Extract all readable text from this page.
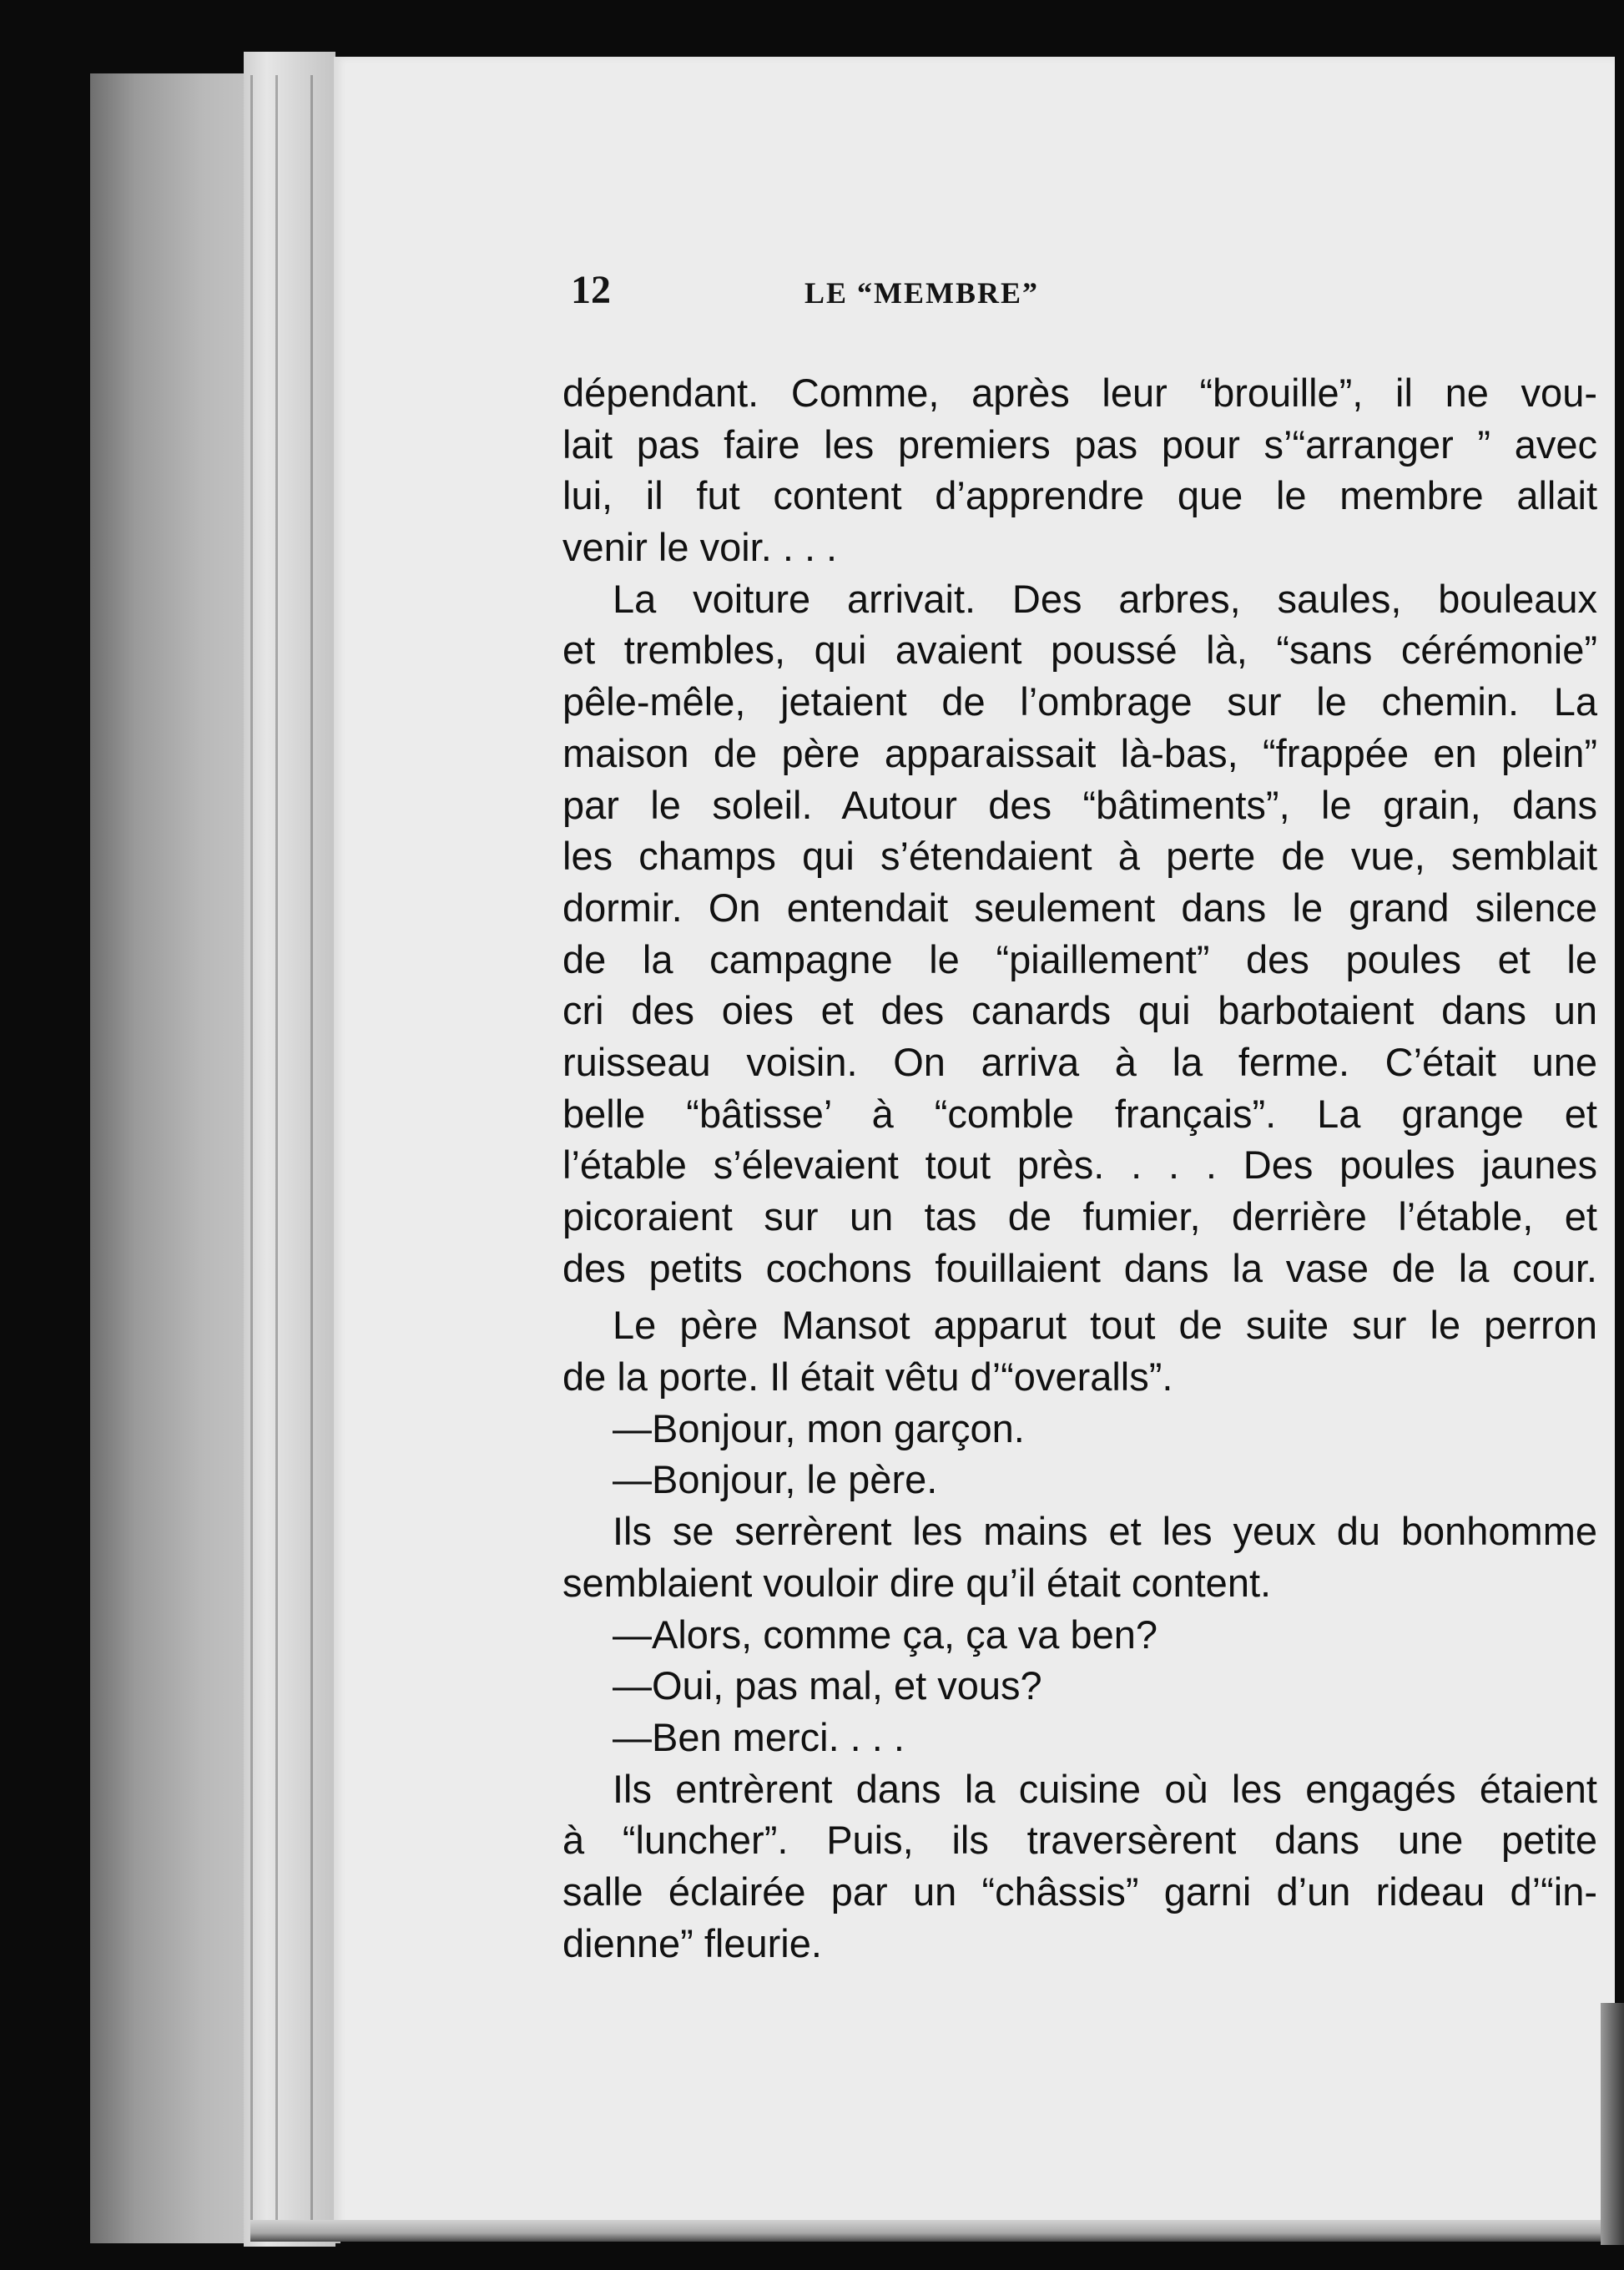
12	LE “MEMBRE”
dépendant. Comme, après leur “brouille”, il ne vou-
lait pas faire les premiers pas pour s’“arranger ” avec
lui, il fut content d’apprendre que le membre allait
venir le voir. . . .
La voiture arrivait. Des arbres, saules, bouleaux
et trembles, qui avaient poussé là, “sans cérémonie”
pêle-mêle, jetaient de l’ombrage sur le chemin. La
maison de père apparaissait là-bas, “frappée en plein”
par le soleil. Autour des “bâtiments”, le grain, dans
les champs qui s’étendaient à perte de vue, semblait
dormir. On entendait seulement dans le grand silence
de la campagne le “piaillement” des poules et le
cri des oies et des canards qui barbotaient dans un
ruisseau voisin. On arriva à la ferme. C’était une
belle “bâtisse’ à “comble français”. La grange et
l’étable s’élevaient tout près. . . . Des poules jaunes
picoraient sur un tas de fumier, derrière l’étable, et
des petits cochons fouillaient dans la vase de la cour.
Le père Mansot apparut tout de suite sur le perron
de la porte. Il était vêtu d’“overalls”.
—Bonjour, mon garçon.
—Bonjour, le père.
Ils se serrèrent les mains et les yeux du bonhomme
semblaient vouloir dire qu’il était content.
—Alors, comme ça, ça va ben?
—Oui, pas mal, et vous?
—Ben merci. . . .
Ils entrèrent dans la cuisine où les engagés étaient
à “luncher”. Puis, ils traversèrent dans une petite
salle éclairée par un “châssis” garni d’un rideau d’“in-
dienne” fleurie.
